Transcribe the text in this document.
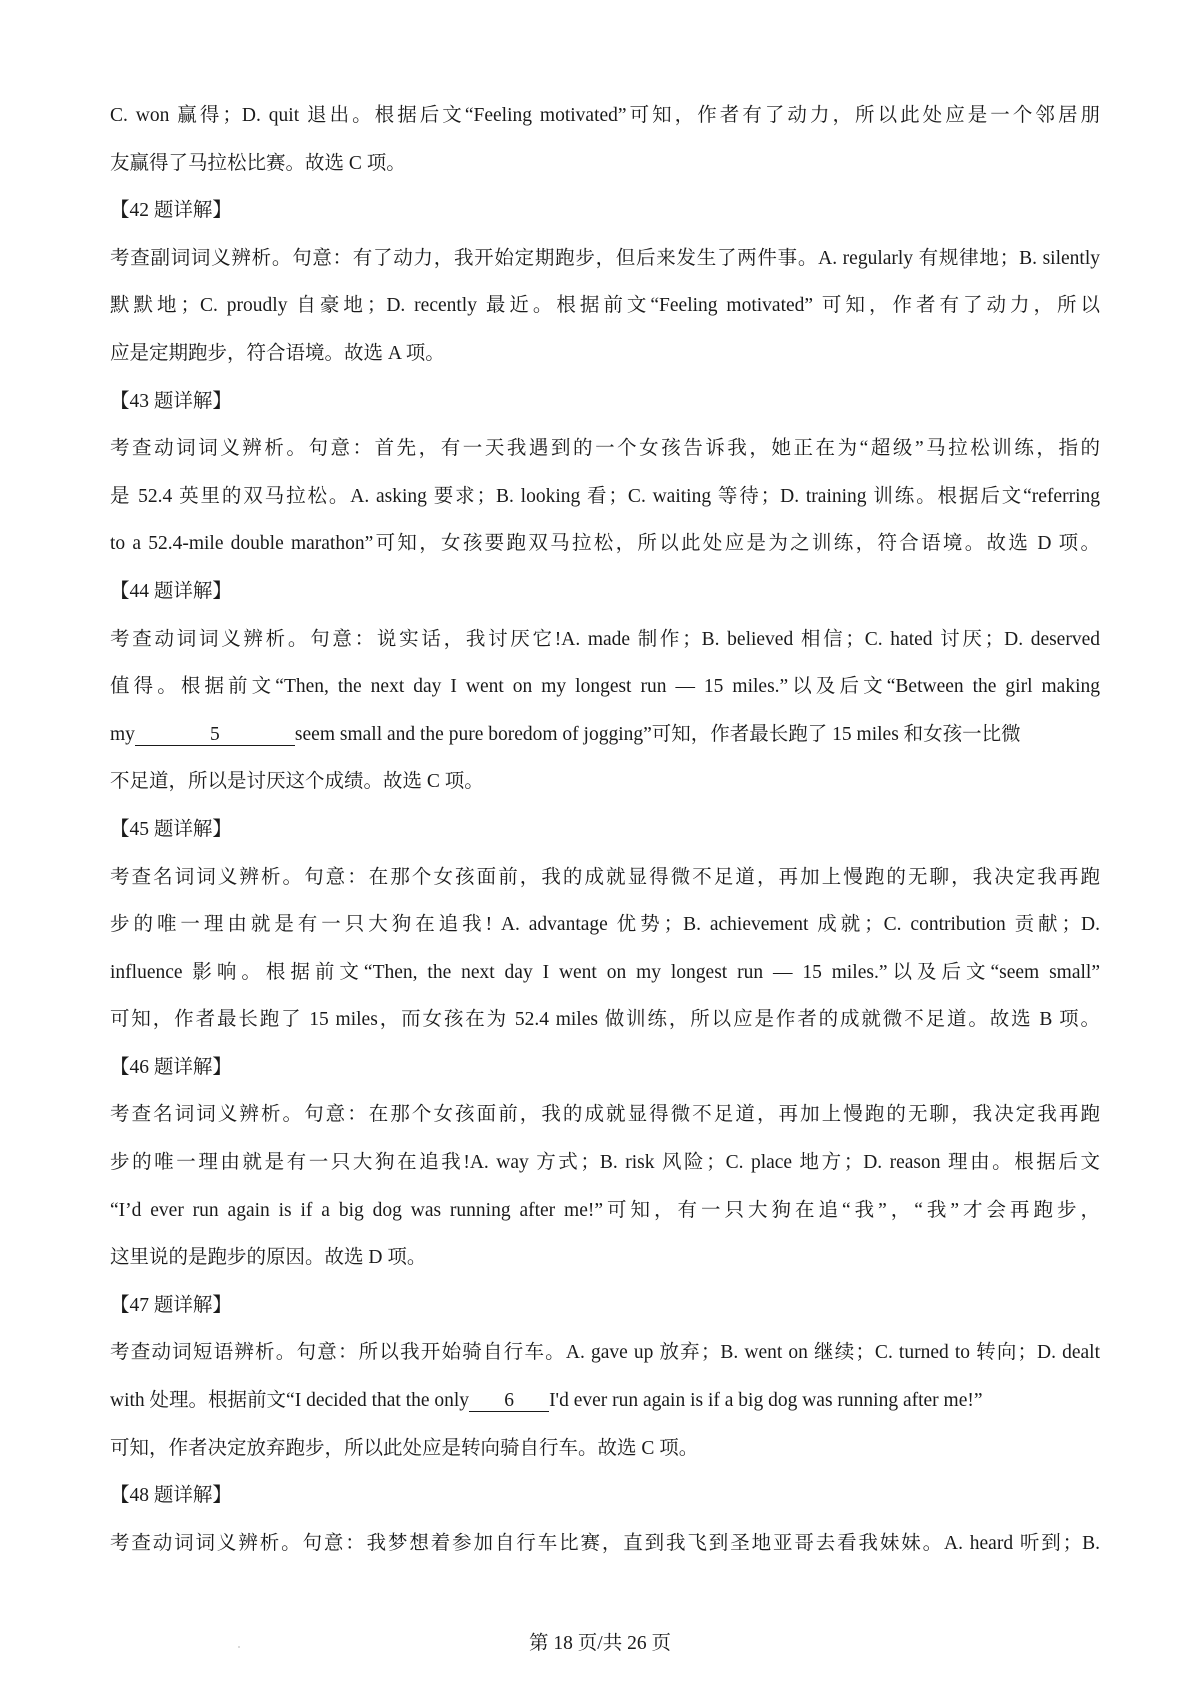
C. won 赢得；D. quit 退出。根据后文“Feeling motivated”可知，作者有了动力，所以此处应是一个邻居朋
友赢得了马拉松比赛。故选 C 项。
【42 题详解】
考查副词词义辨析。句意：有了动力，我开始定期跑步，但后来发生了两件事。A. regularly 有规律地；B. silently
默默地；C. proudly 自豪地；D. recently 最近。根据前文“Feeling motivated” 可知，作者有了动力，所以
应是定期跑步，符合语境。故选 A 项。
【43 题详解】
考查动词词义辨析。句意：首先，有一天我遇到的一个女孩告诉我，她正在为“超级”马拉松训练，指的
是 52.4 英里的双马拉松。A. asking 要求；B. looking 看；C. waiting 等待；D. training 训练。根据后文“referring
to a 52.4-mile double marathon”可知，女孩要跑双马拉松，所以此处应是为之训练，符合语境。故选 D 项。
【44 题详解】
考查动词词义辨析。句意：说实话，我讨厌它!A. made 制作；B. believed 相信；C. hated 讨厌；D. deserved
值得。根据前文“Then, the next day I went on my longest run — 15 miles.”以及后文“Between the girl making
my	5	seem small and the pure boredom of jogging”可知，作者最长跑了 15 miles 和女孩一比微
不足道，所以是讨厌这个成绩。故选 C 项。
【45 题详解】
考查名词词义辨析。句意：在那个女孩面前，我的成就显得微不足道，再加上慢跑的无聊，我决定我再跑
步的唯一理由就是有一只大狗在追我! A. advantage 优势；B. achievement 成就；C. contribution 贡献；D.
influence 影响。根据前文“Then, the next day I went on my longest run — 15 miles.”以及后文“seem small”
可知，作者最长跑了 15 miles，而女孩在为 52.4 miles 做训练，所以应是作者的成就微不足道。故选 B 项。
【46 题详解】
考查名词词义辨析。句意：在那个女孩面前，我的成就显得微不足道，再加上慢跑的无聊，我决定我再跑
步的唯一理由就是有一只大狗在追我!A. way 方式；B. risk 风险；C. place 地方；D. reason 理由。根据后文
“I’d ever run again is if a big dog was running after me!”可知，有一只大狗在追“我”，“我”才会再跑步，
这里说的是跑步的原因。故选 D 项。
【47 题详解】
考查动词短语辨析。句意：所以我开始骑自行车。A. gave up 放弃；B. went on 继续；C. turned to 转向；D. dealt
with 处理。根据前文“I decided that the only 6 I'd ever run again is if a big dog was running after me!”
可知，作者决定放弃跑步，所以此处应是转向骑自行车。故选 C 项。
【48 题详解】
考查动词词义辨析。句意：我梦想着参加自行车比赛，直到我飞到圣地亚哥去看我妹妹。A. heard 听到；B.
第 18 页/共 26 页
